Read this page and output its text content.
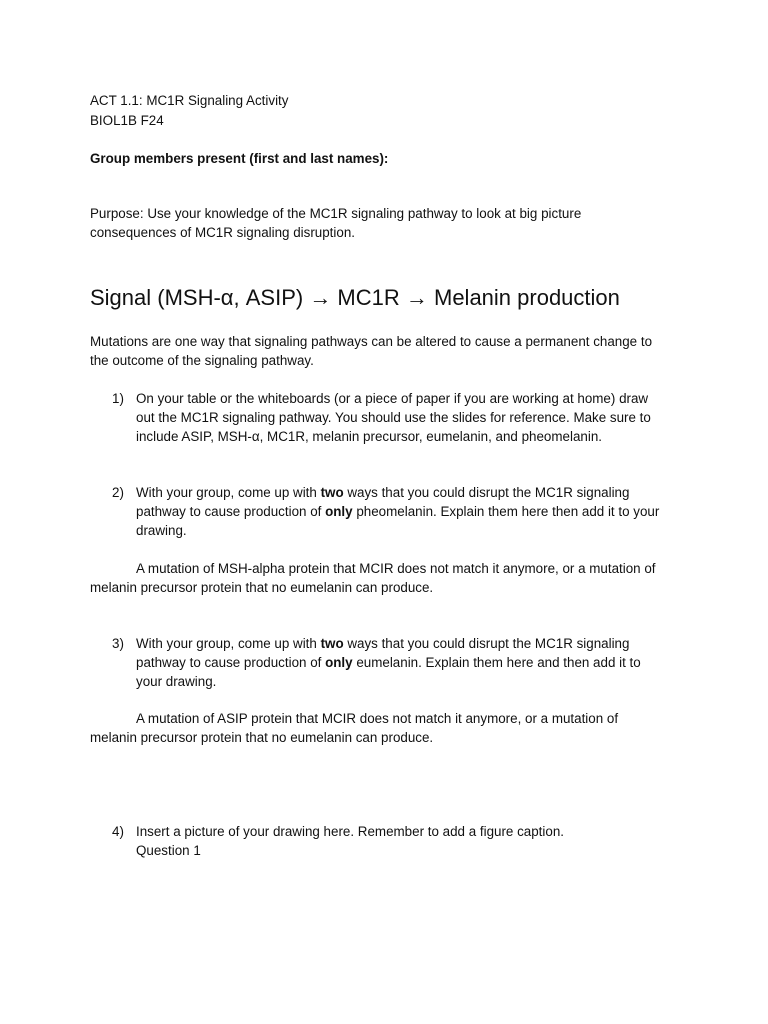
ACT 1.1: MC1R Signaling Activity
BIOL1B F24
Group members present (first and last names):
Purpose: Use your knowledge of the MC1R signaling pathway to look at big picture
consequences of MC1R signaling disruption.
Signal (MSH-α, ASIP) → MC1R → Melanin production
Mutations are one way that signaling pathways can be altered to cause a permanent change to
the outcome of the signaling pathway.
1) On your table or the whiteboards (or a piece of paper if you are working at home) draw
out the MC1R signaling pathway. You should use the slides for reference. Make sure to
include ASIP, MSH-α, MC1R, melanin precursor, eumelanin, and pheomelanin.
2) With your group, come up with two ways that you could disrupt the MC1R signaling
pathway to cause production of only pheomelanin. Explain them here then add it to your
drawing.
A mutation of MSH-alpha protein that MCIR does not match it anymore, or a mutation of
melanin precursor protein that no eumelanin can produce.
3) With your group, come up with two ways that you could disrupt the MC1R signaling
pathway to cause production of only eumelanin. Explain them here and then add it to
your drawing.
A mutation of ASIP protein that MCIR does not match it anymore, or a mutation of
melanin precursor protein that no eumelanin can produce.
4) Insert a picture of your drawing here. Remember to add a figure caption.
Question 1
